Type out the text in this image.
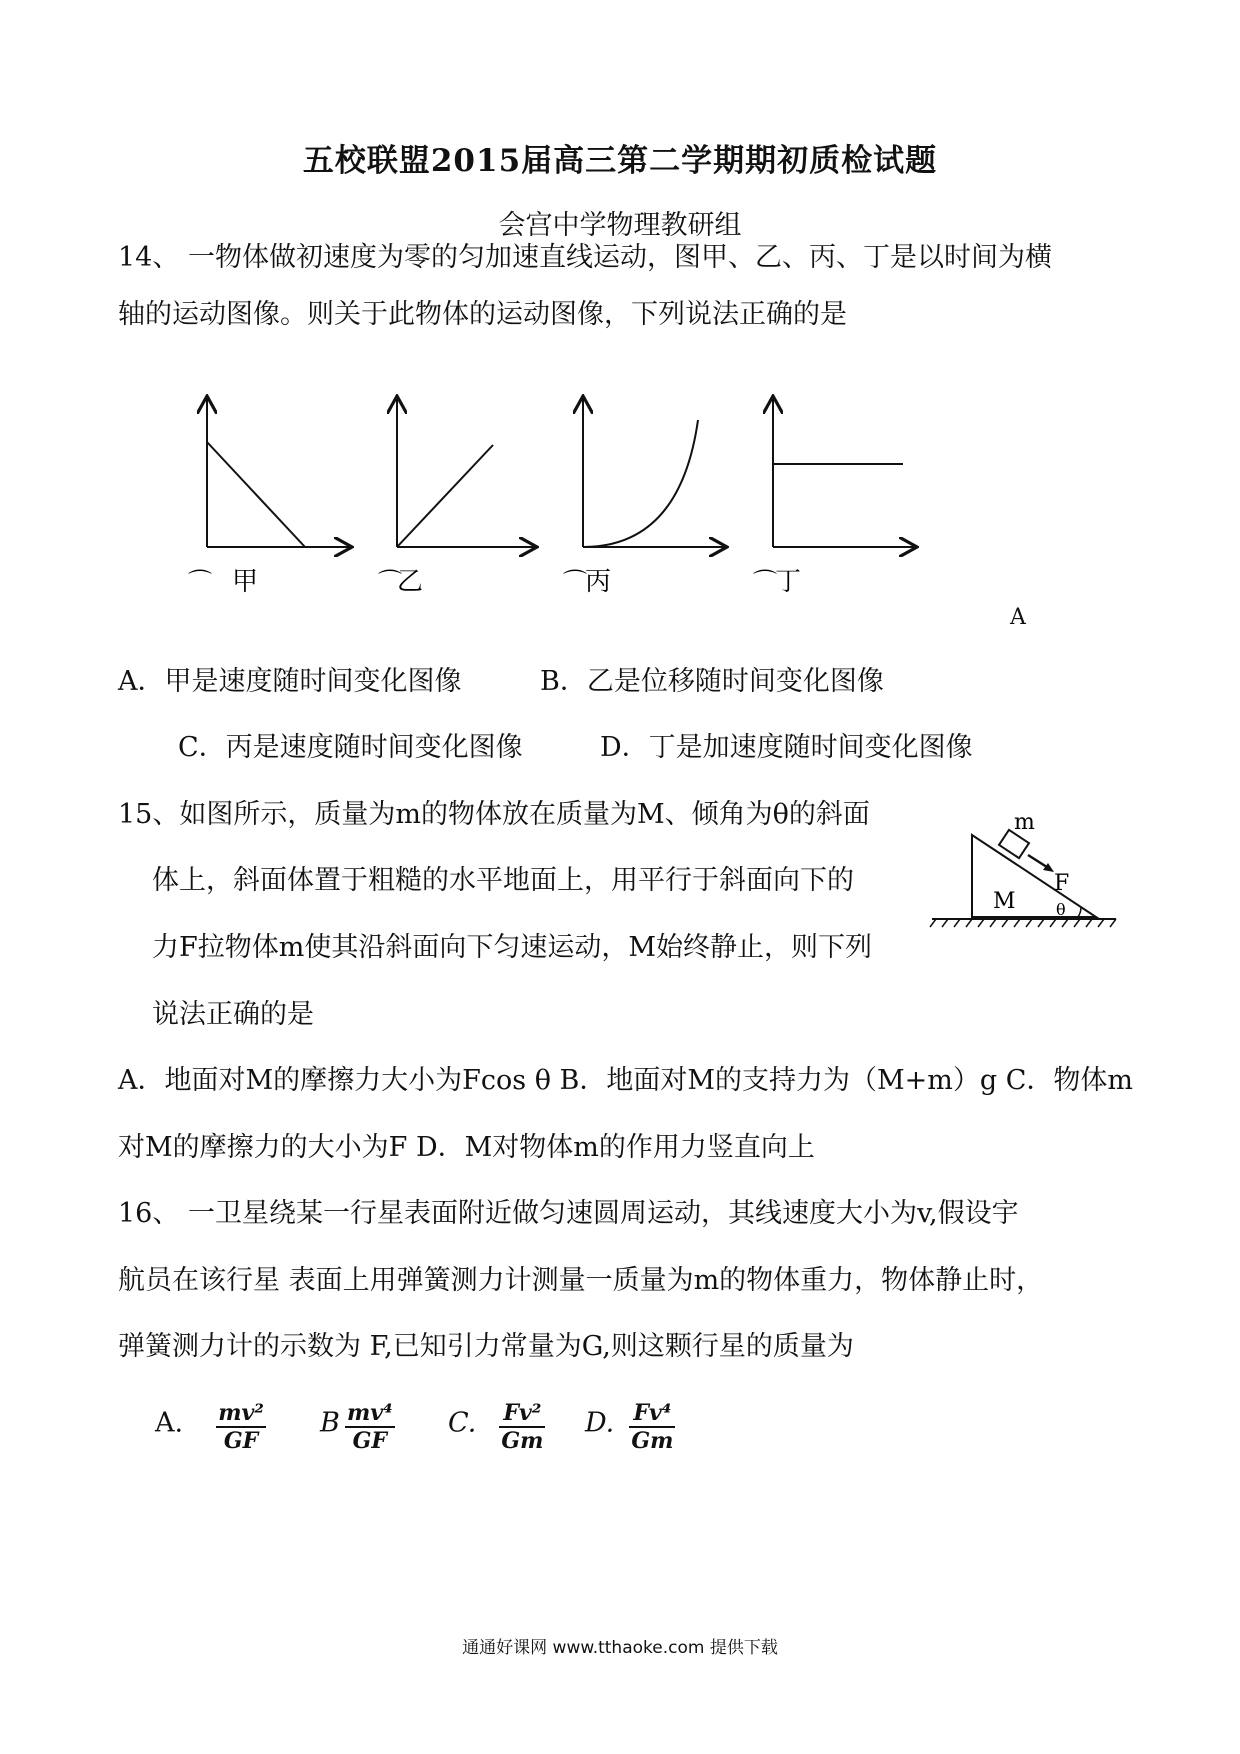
五校联盟2015届高三第二学期期初质检试题
会宫中学物理教研组
14、 一物体做初速度为零的匀加速直线运动，图甲、乙、丙、丁是以时间为横
轴的运动图像。则关于此物体的运动图像，下列说法正确的是
⌒ 甲	⌒
乙	⌒
丙	⌒
丁
A
A．甲是速度随时间变化图像	B．乙是位移随时间变化图像
C．丙是速度随时间变化图像	D．丁是加速度随时间变化图像
15、如图所示，质量为m的物体放在质量为M、倾角为θ的斜面
体上，斜面体置于粗糙的水平地面上，用平行于斜面向下的
力F拉物体m使其沿斜面向下匀速运动，M始终静止，则下列
说法正确的是
m
F
M	θ
A．地面对M的摩擦力大小为Fcos θ B．地面对M的支持力为（M+m）g C．物体m
对M的摩擦力的大小为F D．M对物体m的作用力竖直向上
16、 一卫星绕某一行星表面附近做匀速圆周运动，其线速度大小为v,假设宇
航员在该行星 表面上用弹簧测力计测量一质量为m的物体重力，物体静止时，
弹簧测力计的示数为 F,已知引力常量为G,则这颗行星的质量为
A. $\frac{\text{mv²}}{GF}$ B $\frac{\text{mv⁴}}{GF} C$. $\frac{\text{Fv²}}{Gm} D$. $\frac{\text{Fv⁴}}{Gm}$
通通好课网 www.tthaoke.com 提供下载
